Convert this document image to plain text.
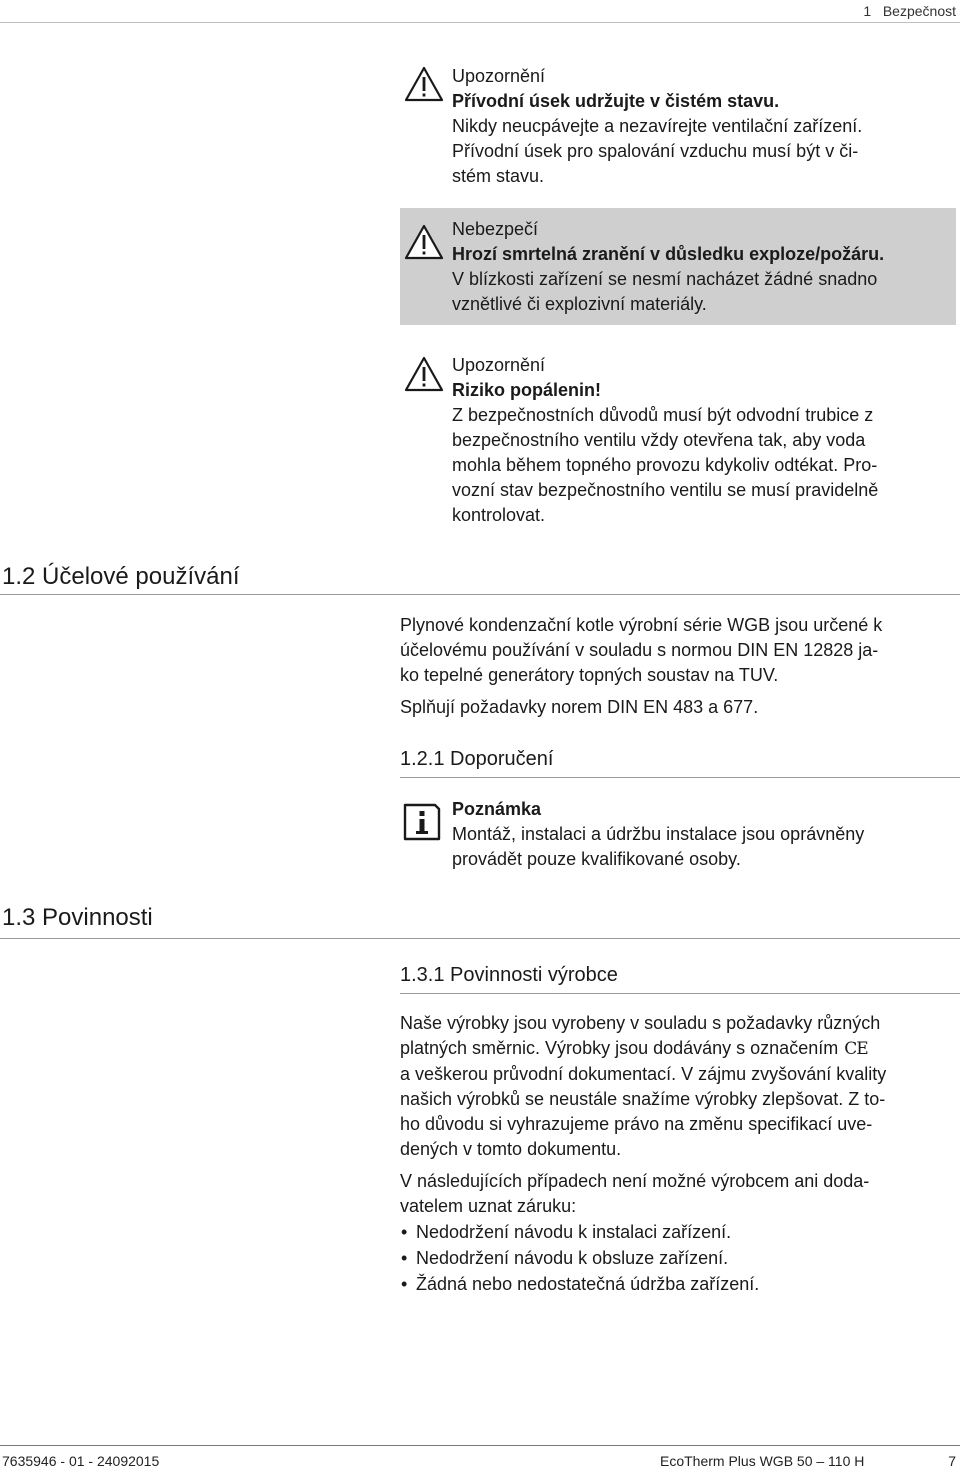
1   Bezpečnost
Upozornění
Přívodní úsek udržujte v čistém stavu.
Nikdy neucpávejte a nezavírejte ventilační zařízení.
Přívodní úsek pro spalování vzduchu musí být v či-
stém stavu.
Nebezpečí
Hrozí smrtelná zranění v důsledku exploze/požáru.
V blízkosti zařízení se nesmí nacházet žádné snadno
vznětlivé či explozivní materiály.
Upozornění
Riziko popálenin!
Z bezpečnostních důvodů musí být odvodní trubice z
bezpečnostního ventilu vždy otevřena tak, aby voda
mohla během topného provozu kdykoliv odtékat. Pro-
vozní stav bezpečnostního ventilu se musí pravidelně
kontrolovat.
1.2 Účelové používání

Plynové kondenzační kotle výrobní série WGB jsou určené k
účelovému používání v souladu s normou DIN EN 12828 ja-
ko tepelné generátory topných soustav na TUV.

Splňují požadavky norem DIN EN 483 a 677.

1.2.1 Doporučení
Poznámka
Montáž, instalaci a údržbu instalace jsou oprávněny
provádět pouze kvalifikované osoby.
1.3 Povinnosti
1.3.1 Povinnosti výrobce

Naše výrobky jsou vyrobeny v souladu s požadavky různých
platných směrnic. Výrobky jsou dodávány s označením CE
a veškerou průvodní dokumentací. V zájmu zvyšování kvality
našich výrobků se neustále snažíme výrobky zlepšovat. Z to-
ho důvodu si vyhrazujeme právo na změnu specifikací uve-
dených v tomto dokumentu.

V následujících případech není možné výrobcem ani doda-
vatelem uznat záruku:

• Nedodržení návodu k instalaci zařízení.
• Nedodržení návodu k obsluze zařízení.
• Žádná nebo nedostatečná údržba zařízení.
7635946 - 01 - 24092015	EcoTherm Plus WGB 50 – 110 H	7
